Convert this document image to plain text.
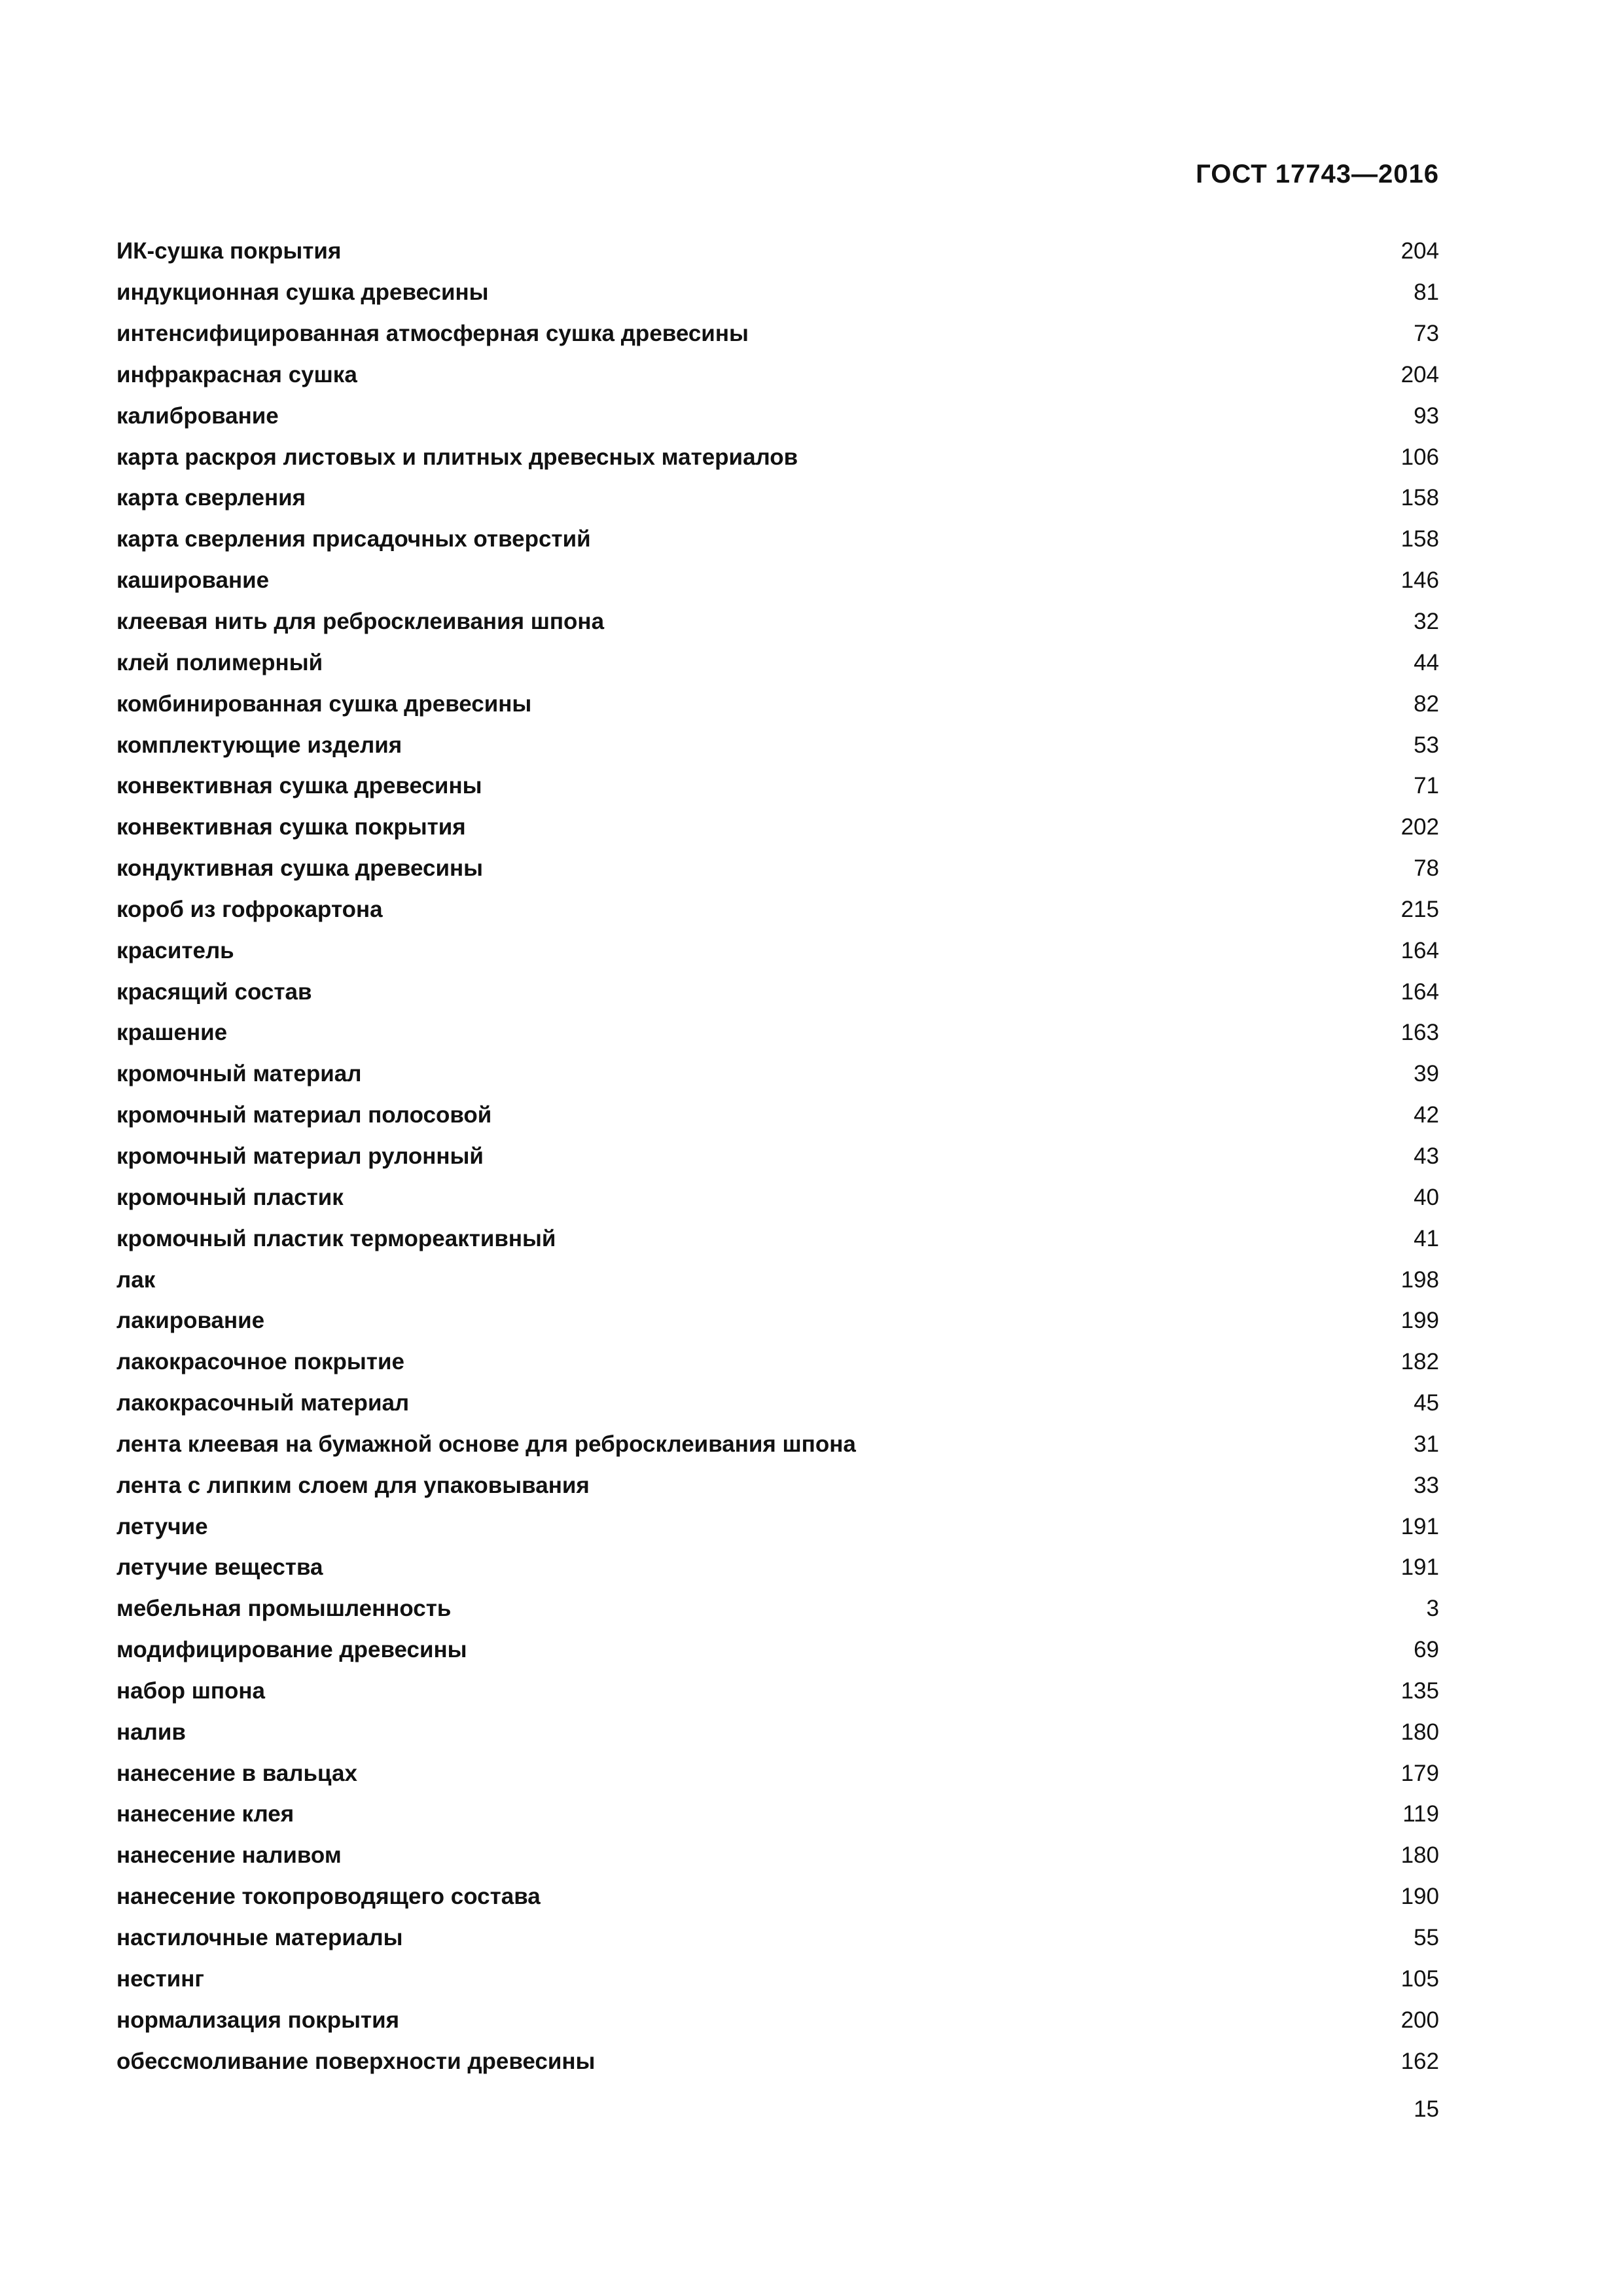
ГОСТ 17743—2016
ИК-сушка покрытия	204
индукционная сушка древесины	81
интенсифицированная атмосферная сушка древесины	73
инфракрасная сушка	204
калибрование	93
карта раскроя листовых и плитных древесных материалов	106
карта сверления	158
карта сверления присадочных отверстий	158
каширование	146
клеевая нить для ребросклеивания шпона	32
клей полимерный	44
комбинированная сушка древесины	82
комплектующие изделия	53
конвективная сушка древесины	71
конвективная сушка покрытия	202
кондуктивная сушка древесины	78
короб из гофрокартона	215
краситель	164
красящий состав	164
крашение	163
кромочный материал	39
кромочный материал полосовой	42
кромочный материал рулонный	43
кромочный пластик	40
кромочный пластик термореактивный	41
лак	198
лакирование	199
лакокрасочное покрытие	182
лакокрасочный материал	45
лента клеевая на бумажной основе для ребросклеивания шпона	31
лента с липким слоем для упаковывания	33
летучие	191
летучие вещества	191
мебельная промышленность	3
модифицирование древесины	69
набор шпона	135
налив	180
нанесение в вальцах	179
нанесение клея	119
нанесение наливом	180
нанесение токопроводящего состава	190
настилочные материалы	55
нестинг	105
нормализация покрытия	200
обессмоливание поверхности древесины	162
15
